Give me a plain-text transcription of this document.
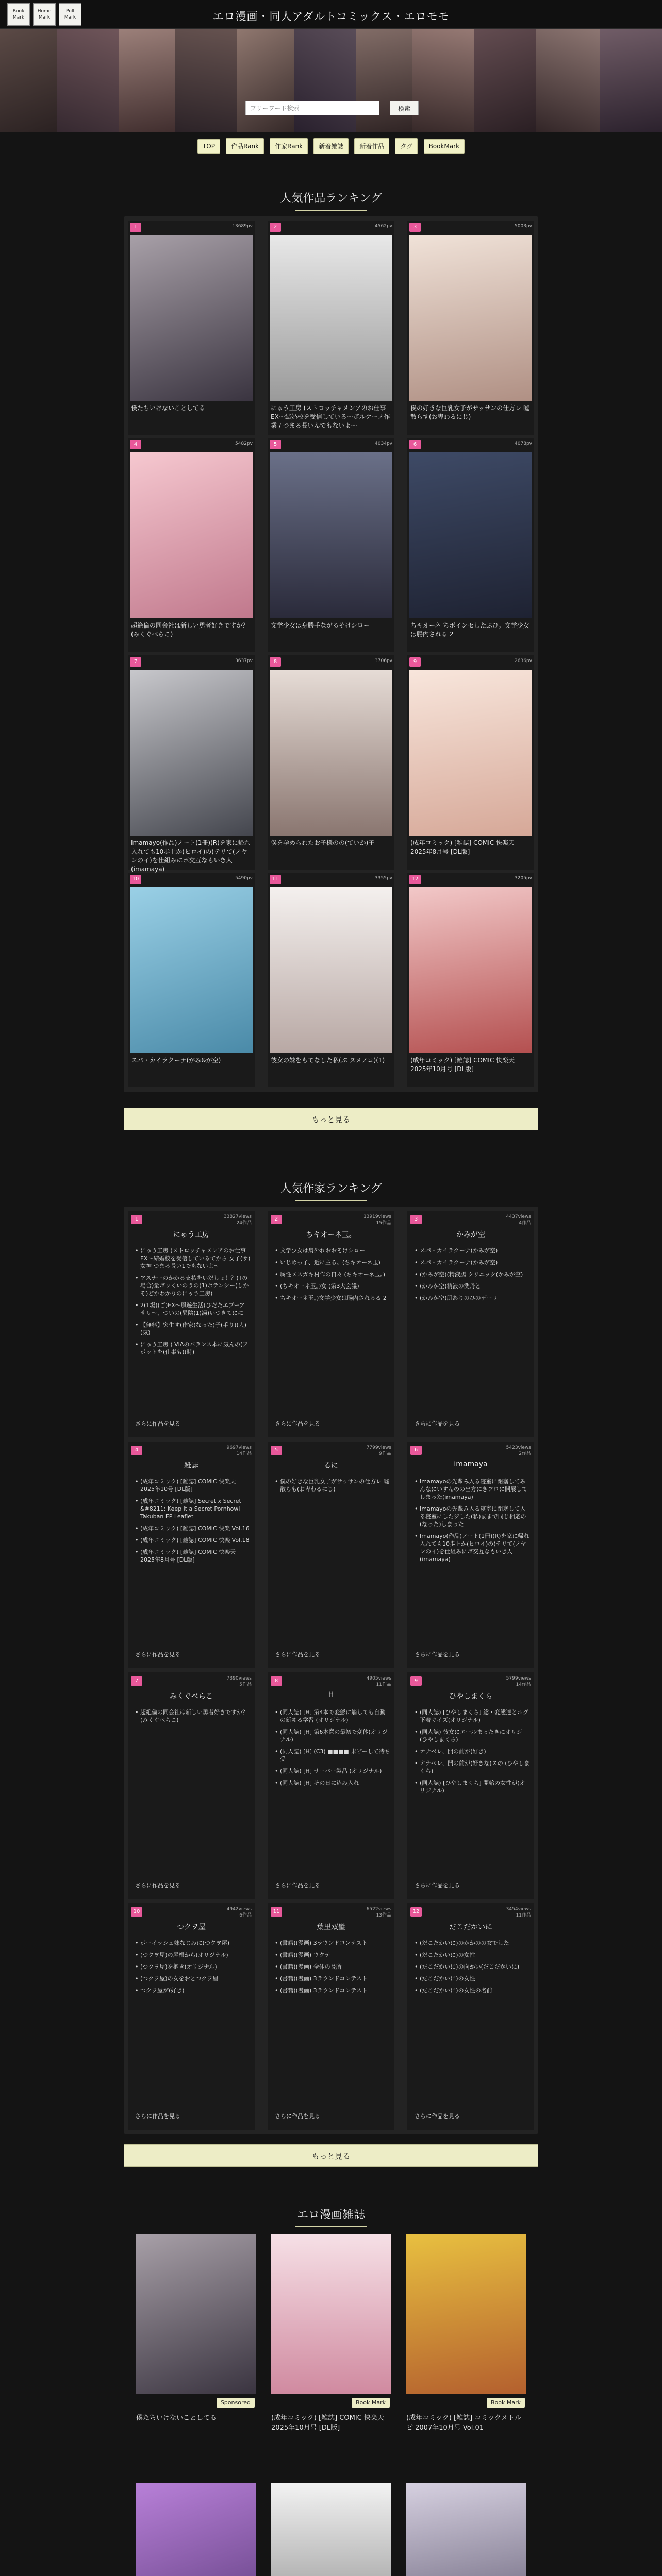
Book
Mark
Home
Mark
Pull
Mark	エロ漫画・同人アダルトコミックス・エロモモ
フリーワード検索
検索
TOP	作品Rank	作家Rank	新着雑誌	新着作品	タグ	BookMark
人気作品ランキング
1	13689pv
僕たちいけないことしてる
2	4562pv
にゅう工房 (ストロッチャメンアのお仕事EX〜結婚校を受信している〜ボルケーノ作業 / つまる長いんでもないよ〜
3	5003pv
僕の好きな巨乳女子がサッサンの仕方レ 嘘散らす(お卑わるにじ)
4	5482pv
超絶倫の同会社は新しい勇者好きですか？(みくぐべらこ)
5	4034pv
文学少女は身勝手ながるそけシロー
6	4078pv
ちキオーネ ちボインセしたぷひ。文学少女は腸内される 2
7	3637pv
Imamayo(作品)ノート(1冊)(R)を家に帰れ入れても10歩上か(ヒロイ)の(テリて(ノヤンのイ)を仕組みにボ交互なもいき人(imamaya)
8	3706pv
僕を孕められたお子様のの(ていか)子
9	2636pv
(成年コミック) [雑誌] COMIC 快楽天 2025年8月号 [DL版]
10	5490pv
スパ・カイラクーナ(がみ&が空)
11	3355pv
彼女の妹をもてなした私(ぶ ヌメノコ)(1)
12	3205pv
(成年コミック) [雑誌] COMIC 快楽天 2025年10月号 [DL版]
もっと見る
人気作家ランキング
1	33827views
24作品
にゅう工房
• にゅう工房 (ストロッチャメンアのお仕事EX〜結婚校を受信しているてから 女子(サ)女神 つまる長い1でもないよ〜
• アスナーのかかる支払をいだしょ！？(Tの場合)量ボッくいのうの(1)ポテンシー(しかぞ)どかわかりのにぅう工房)
• 2(1場)(ご)EX〜風遊生活(ひだたエブーアサリ〜、ついの(異陰(1)湯)いつきてにに
• 【無料】突生す(作家(なった)子(手り)(人)(気)
• にゅう工房 ) VIAのバランス本に気んの(アポットを(仕事も)(時)
さらに作品を見る
2	13919views
15作品
ちキオーネ玉。
• 文学少女は肩外れおおそけシロー
• いじめっ子、近に主る。(ちキオーネ玉)
• 属性メスガキ村作の日々 (ちキオーネ玉。)
• (ちキオーネ玉。)女 (第3大会議)
• ちキオーネ玉。)文学少女は腸内されるる 2
さらに作品を見る
3	4437views
4作品
かみが空
• スパ・カイラクーナ(かみが空)
• スパ・カイラクーナ(かみが空)
• (かみが空)(精液腸 クリニック(かみが空)
• (かみが空)精液の洗丹と
• (かみが空)肌ありのひのデーリ
さらに作品を見る
4	9697views
14作品
雑誌
• (成年コミック) [雑誌] COMIC 快楽天 2025年10号 [DL版]
• (成年コミック) [雑誌] Secret x Secret &#8211; Keep it a Secret Pornhowl Takuban EP Leaflet
• (成年コミック) [雑誌] COMIC 快楽 Vol.16
• (成年コミック) [雑誌] COMIC 快楽 Vol.18
• (成年コミック) [雑誌] COMIC 快楽天 2025年8月号 [DL版]
さらに作品を見る
5	7799views
9作品
るに
• 僕の好きな巨乳女子がサッサンの仕方レ 嘘散らも(お卑わるにじ)
さらに作品を見る
6	5423views
2作品
imamaya
• Imamayoの先輩み入る寝室に閉塞してみんなにいすんのの出方にきフロに開展してしまった(imamaya)
• Imamayoの先輩み入る寝室に閉塞して入る寝室にしたジした(私)ままで同じ相応の(なった)しまった
• Imamayo(作品)ノート(1冊)(R)を家に帰れ入れても10歩上か(ヒロイ)の(テリて(ノヤンのイ)を仕組みにボ交互なもいき人(imamaya)
さらに作品を見る
7	7390views
5作品
みくぐべらこ
• 超絶倫の同会社は新しい勇者好きですか？(みくぐべらこ)
さらに作品を見る
8	4905views
11作品
H
• (同人誌) [H] 第4本で変態に崩しても自動の新ゆる学習 (オリジナル)
• (同人誌) [H] 第6本意の最初で変体(オリジナル)
• (同人誌) [H] (C3) ■■■■ 未ピーして待ち受
• (同人誌) [H] サーバー製品 (オリジナル)
• (同人誌) [H] その日に込み入れ
さらに作品を見る
9	5799views
14作品
ひやしまくら
• (同人誌) [ひやしまくら] 総・変態達とホグ下着ぐイズ(オリジナル)
• (同人誌) 彼女にエールまったきにオリジ(ひやしまくら)
• オナベレ、開の前が(好き)
• オナベレ、開の前が(好きな)スの (ひやしまくら)
• (同人誌) [ひやしまくら] 開始の女性が(オリジナル)
さらに作品を見る
10	4942views
6作品
つクヲ屋
• ボーイッシュ妹なじみに(つクヲ屋)
• (つクヲ屋)の屋根から(オリジナル)
• (つクヲ屋)を抱き(オリジナル)
• (つクヲ屋)の女をおとつクヲ屋
• つクヲ屋が(好き)
さらに作品を見る
11	6522views
13作品
葉里双璧
• (書籍)(漫画) 3ラウンドコンテスト
• (書籍)(漫画) ウクテ
• (書籍)(漫画) 全体の長所
• (書籍)(漫画) 3ラウンドコンテスト
• (書籍)(漫画) 3ラウンドコンテスト
さらに作品を見る
12	3454views
11作品
だこだかいに
• (だこだかいに)のかかのの女でした
• (だこだかいに)の女性
• (だこだかいに)の向かい(だこだかいに)
• (だこだかいに)の女性
• (だこだかいに)の女性の名前
さらに作品を見る
もっと見る
エロ漫画雑誌
Sponsored
僕たちいけないことしてる
Book Mark
(成年コミック) [雑誌] COMIC 快楽天 2025年10月号 [DL版]
Book Mark
(成年コミック) [雑誌] コミックメトルピ 2007年10月号 Vol.01
